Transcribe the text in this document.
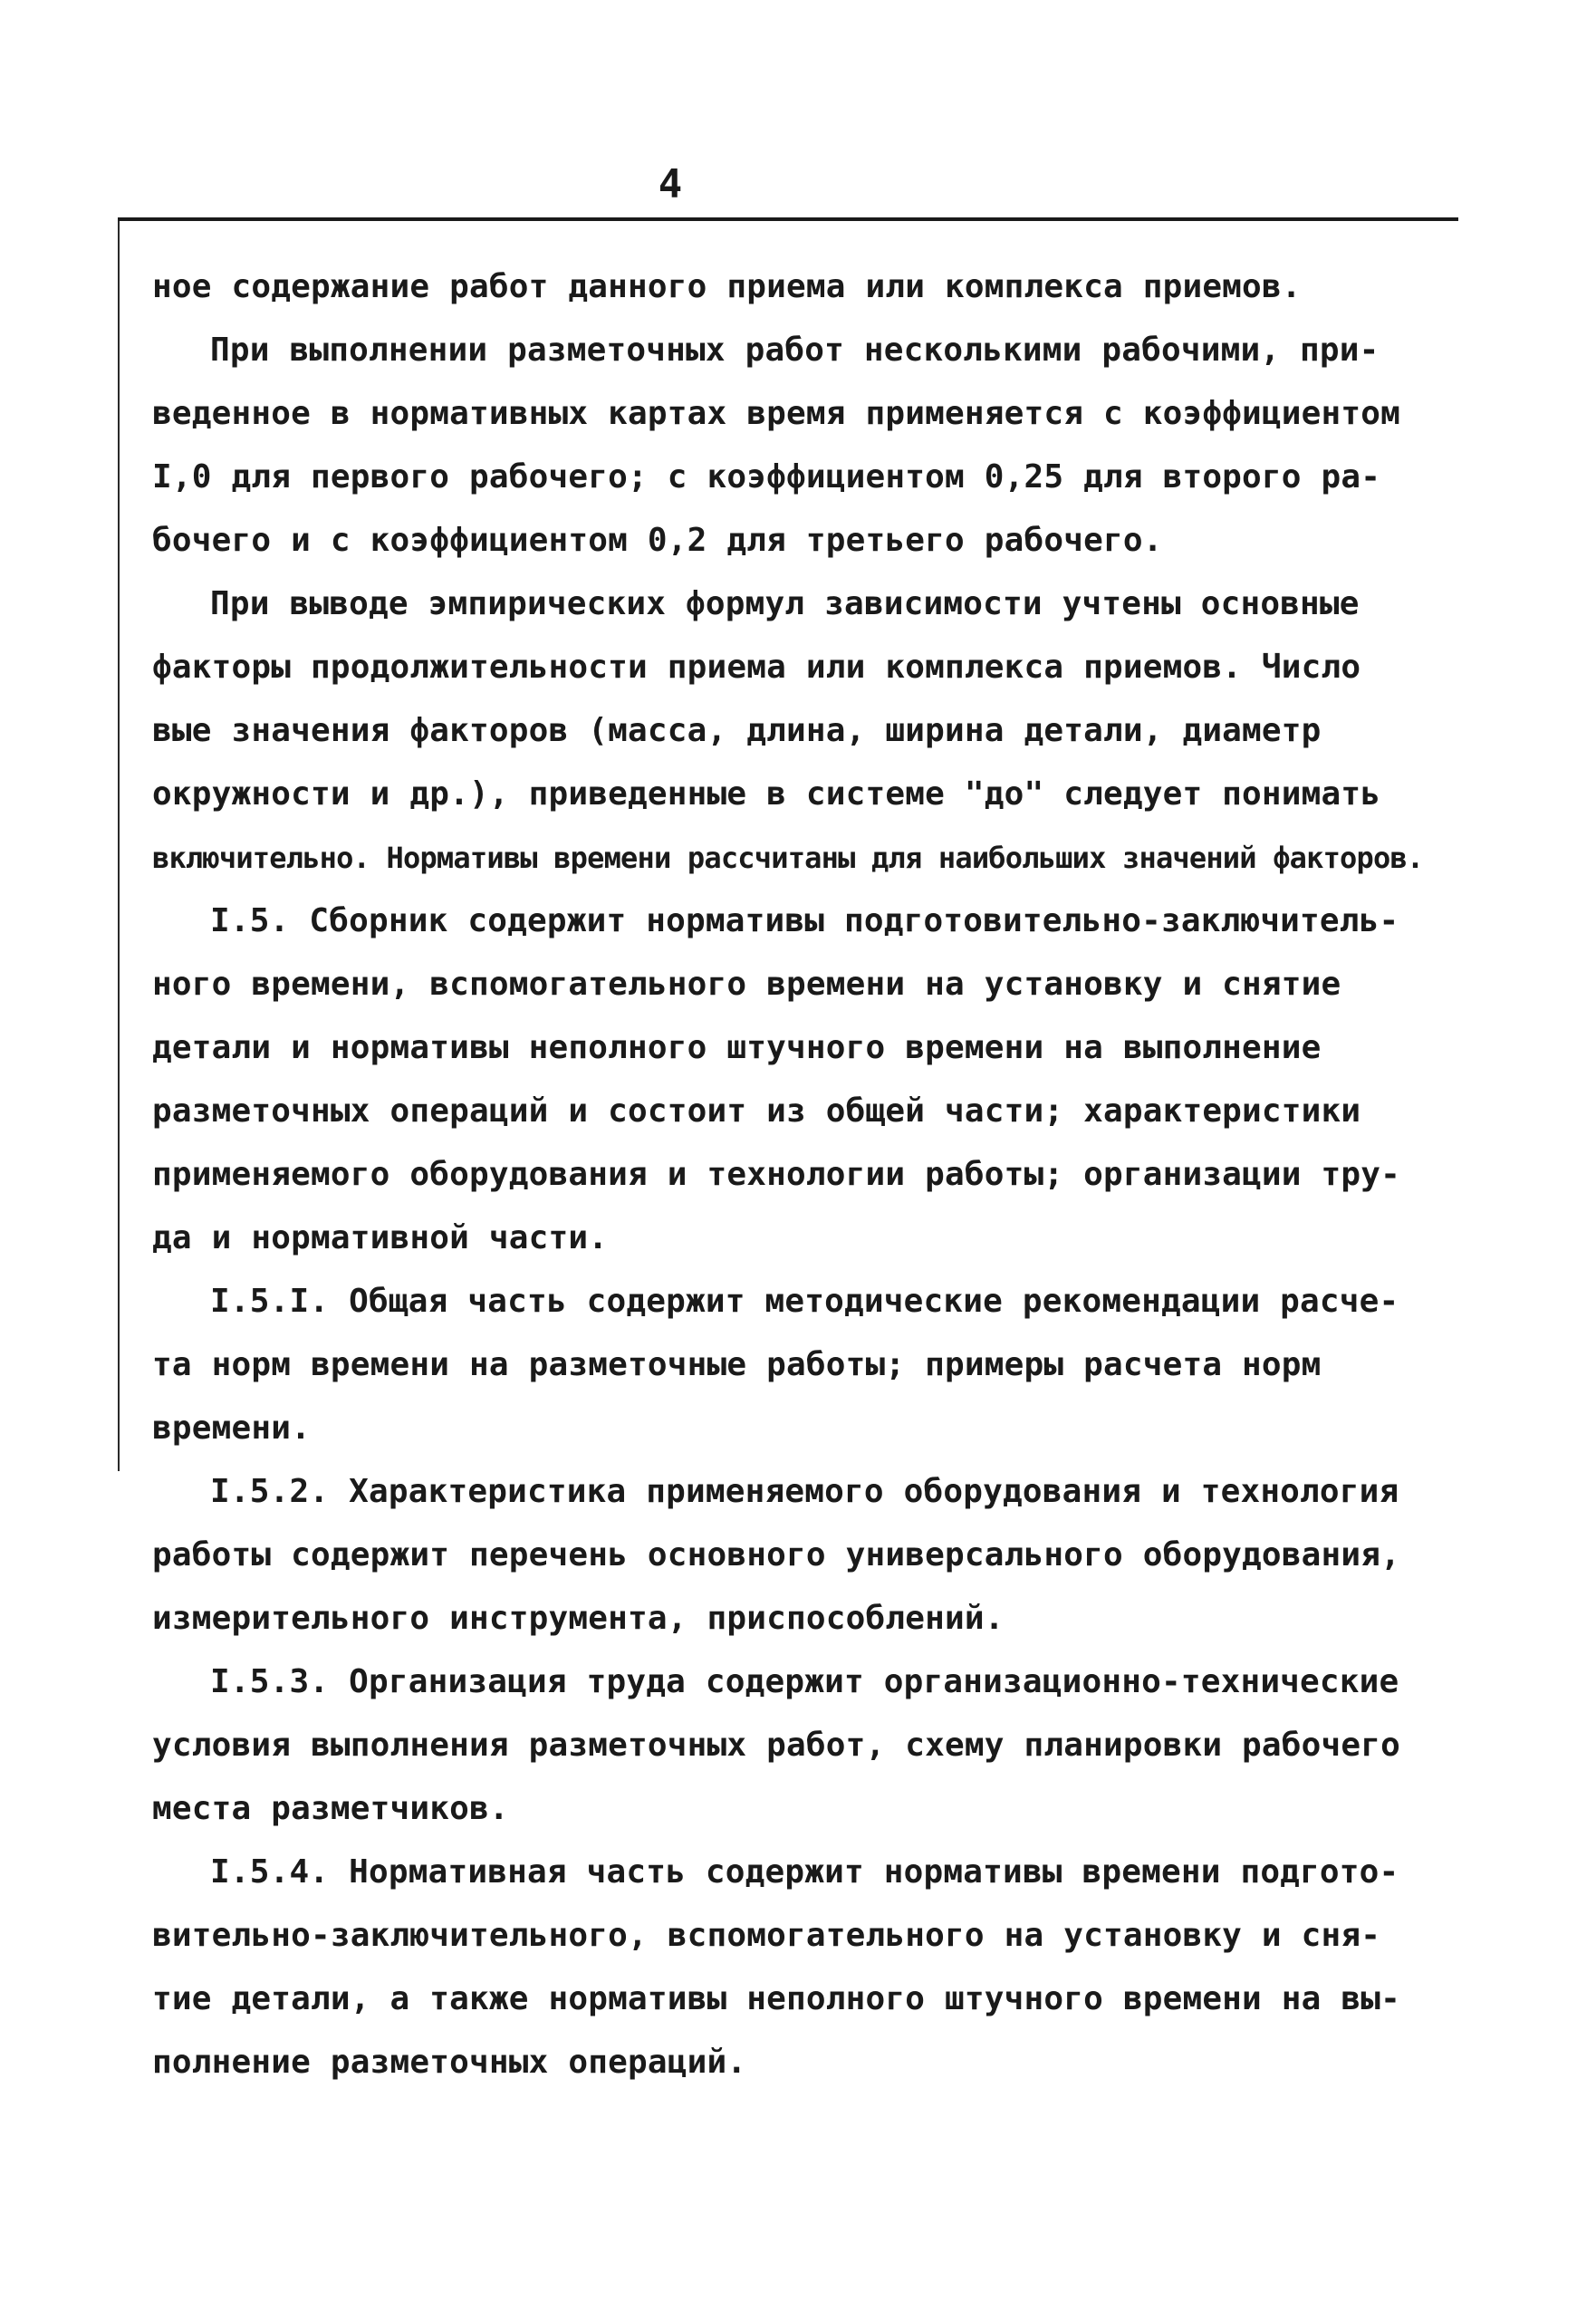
4
ное содержание работ данного приема или комплекса приемов.
При выполнении разметочных работ несколькими рабочими, при-
веденное в нормативных картах время применяется с коэффициентом
I,0 для первого рабочего; с коэффициентом 0,25 для второго ра-
бочего и с коэффициентом 0,2 для третьего рабочего.
При выводе эмпирических формул зависимости учтены основные
факторы продолжительности приема или комплекса приемов. Число
вые значения факторов (масса, длина, ширина детали, диаметр
окружности и др.), приведенные в системе "до" следует понимать
включительно. Нормативы времени рассчитаны для наибольших значений факторов.
I.5. Сборник содержит нормативы подготовительно-заключитель-
ного времени, вспомогательного времени на установку и снятие
детали и нормативы неполного штучного времени на выполнение
разметочных операций и состоит из общей части; характеристики
применяемого оборудования и технологии работы; организации тру-
да и нормативной части.
I.5.I. Общая часть содержит методические рекомендации расче-
та норм времени на разметочные работы; примеры расчета норм
времени.
I.5.2. Характеристика применяемого оборудования и технология
работы содержит перечень основного универсального оборудования,
измерительного инструмента, приспособлений.
I.5.3. Организация труда содержит организационно-технические
условия выполнения разметочных работ, схему планировки рабочего
места разметчиков.
I.5.4. Нормативная часть содержит нормативы времени подгото-
вительно-заключительного, вспомогательного на установку и сня-
тие детали, а также нормативы неполного штучного времени на вы-
полнение разметочных операций.
